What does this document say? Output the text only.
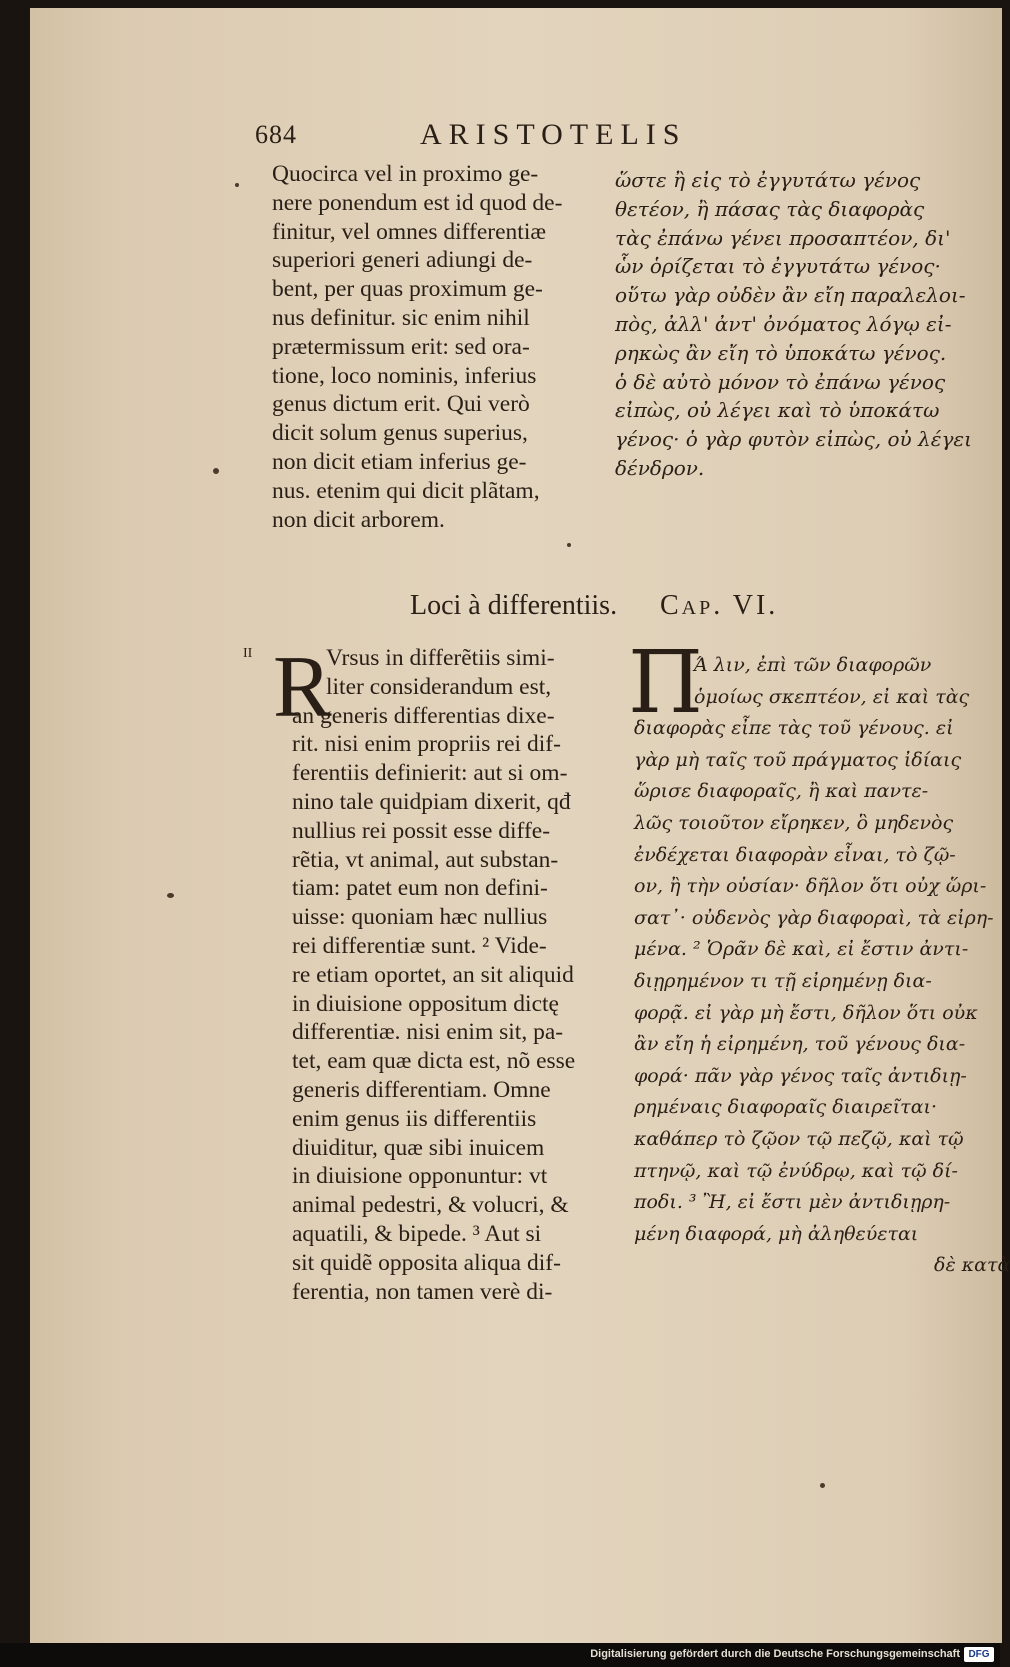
684	ARISTOTELIS
Quocirca vel in proximo ge-
nere ponendum est id quod de-
finitur, vel omnes differentiæ
superiori generi adiungi de-
bent, per quas proximum ge-
nus definitur. sic enim nihil
prætermissum erit: sed ora-
tione, loco nominis, inferius
genus dictum erit. Qui verò
dicit solum genus superius,
non dicit etiam inferius ge-
nus. etenim qui dicit plãtam,
non dicit arborem.
ὥστε ἢ εἰς τὸ ἐγγυτάτω γένος
θετέον, ἢ πάσας τὰς διαφορὰς
τὰς ἐπάνω γένει προσαπτέον, δι'
ὧν ὁρίζεται τὸ ἐγγυτάτω γένος·
οὕτω γὰρ οὐδὲν ἂν εἴη παραλελοι-
πὸς, ἀλλ' ἀντ' ὀνόματος λόγῳ εἰ-
ρηκὼς ἂν εἴη τὸ ὑποκάτω γένος.
ὁ δὲ αὐτὸ μόνον τὸ ἐπάνω γένος
εἰπὼς, οὐ λέγει καὶ τὸ ὑποκάτω
γένος· ὁ γὰρ φυτὸν εἰπὼς, οὐ λέγει
δένδρον.
Loci à differentiis. Cap. VI.
II R
Vrsus in differẽtiis simi-
liter considerandum est,
an generis differentias dixe-
rit. nisi enim propriis rei dif-
ferentiis definierit: aut si om-
nino tale quidpiam dixerit, qđ
nullius rei possit esse diffe-
rẽtia, vt animal, aut substan-
tiam: patet eum non defini-
uisse: quoniam hæc nullius
rei differentiæ sunt. ² Vide-
re etiam oportet, an sit aliquid
in diuisione oppositum dictę
differentiæ. nisi enim sit, pa-
tet, eam quæ dicta est, nõ esse
generis differentiam. Omne
enim genus iis differentiis
diuiditur, quæ sibi inuicem
in diuisione opponuntur: vt
animal pedestri, & volucri, &
aquatili, & bipede. ³ Aut si
sit quidẽ opposita aliqua dif-
ferentia, non tamen verè di-
Π
Ά λιν, ἐπὶ τῶν διαφορῶν
ὁμοίως σκεπτέον, εἰ καὶ τὰς
διαφορὰς εἶπε τὰς τοῦ γένους. εἰ
γὰρ μὴ ταῖς τοῦ πράγματος ἰδίαις
ὥρισε διαφοραῖς, ἢ καὶ παντε-
λῶς τοιοῦτον εἴρηκεν, ὃ μηδενὸς
ἐνδέχεται διαφορὰν εἶναι, τὸ ζῷ-
ον, ἢ τὴν οὐσίαν· δῆλον ὅτι οὐχ ὥρι-
σατ᾽· οὐδενὸς γὰρ διαφοραὶ, τὰ εἰρη-
μένα. ² Ὁρᾶν δὲ καὶ, εἰ ἔστιν ἀντι-
διῃρημένον τι τῇ εἰρημένῃ δια-
φορᾷ. εἰ γὰρ μὴ ἔστι, δῆλον ὅτι οὐκ
ἂν εἴη ἡ εἰρημένη, τοῦ γένους δια-
φορά· πᾶν γὰρ γένος ταῖς ἀντιδιῃ-
ρημέναις διαφοραῖς διαιρεῖται·
καθάπερ τὸ ζῷον τῷ πεζῷ, καὶ τῷ
πτηνῷ, καὶ τῷ ἐνύδρῳ, καὶ τῷ δί-
ποδι. ³ Ἢ, εἰ ἔστι μὲν ἀντιδιῃρη-
μένη διαφορά, μὴ ἀληθεύεται
δὲ κατὰ
Digitalisierung gefördert durch die Deutsche Forschungsgemeinschaft DFG
